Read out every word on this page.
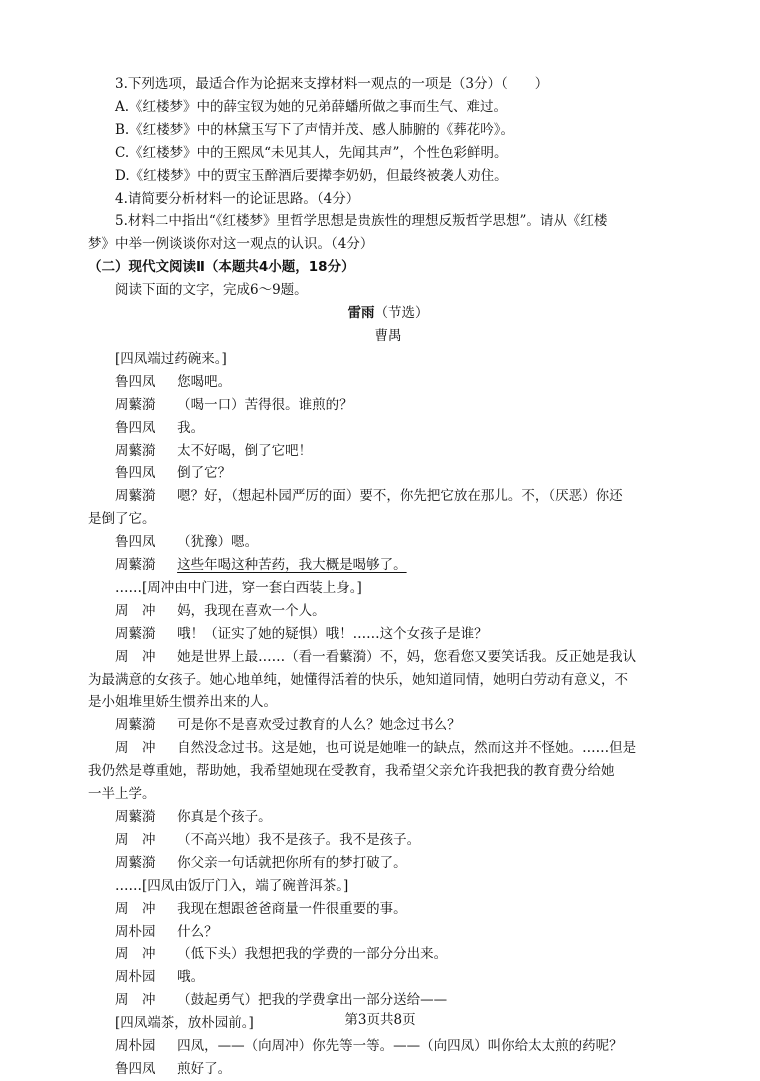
3.下列选项，最适合作为论据来支撑材料一观点的一项是（3分）（　　）
A.《红楼梦》中的薛宝钗为她的兄弟薛蟠所做之事而生气、难过。
B.《红楼梦》中的林黛玉写下了声情并茂、感人肺腑的《葬花吟》。
C.《红楼梦》中的王熙凤“未见其人，先闻其声”，个性色彩鲜明。
D.《红楼梦》中的贾宝玉醉酒后要撵李奶奶，但最终被袭人劝住。
4.请简要分析材料一的论证思路。（4分）
5.材料二中指出“《红楼梦》里哲学思想是贵族性的理想反叛哲学思想”。请从《红楼
梦》中举一例谈谈你对这一观点的认识。（4分）
（二）现代文阅读Ⅱ（本题共4小题，18分）
阅读下面的文字，完成6～9题。
雷雨（节选）
曹禺
[四凤端过药碗来。]
鲁四凤 您喝吧。
周蘩漪 （喝一口）苦得很。谁煎的？
鲁四凤 我。
周蘩漪 太不好喝，倒了它吧！
鲁四凤 倒了它？
周蘩漪 嗯？好，（想起朴园严厉的面）要不，你先把它放在那儿。不，（厌恶）你还
是倒了它。
鲁四凤 （犹豫）嗯。
周蘩漪 这些年喝这种苦药，我大概是喝够了。
……[周冲由中门进，穿一套白西装上身。]
周　冲 妈，我现在喜欢一个人。
周蘩漪 哦！（证实了她的疑惧）哦！……这个女孩子是谁？
周　冲 她是世界上最……（看一看蘩漪）不，妈，您看您又要笑话我。反正她是我认
为最满意的女孩子。她心地单纯，她懂得活着的快乐，她知道同情，她明白劳动有意义，不
是小姐堆里娇生惯养出来的人。
周蘩漪 可是你不是喜欢受过教育的人么？她念过书么？
周　冲 自然没念过书。这是她，也可说是她唯一的缺点，然而这并不怪她。……但是
我仍然是尊重她，帮助她，我希望她现在受教育，我希望父亲允许我把我的教育费分给她
一半上学。
周蘩漪 你真是个孩子。
周　冲 （不高兴地）我不是孩子。我不是孩子。
周蘩漪 你父亲一句话就把你所有的梦打破了。
……[四凤由饭厅门入，端了碗普洱茶。]
周　冲 我现在想跟爸爸商量一件很重要的事。
周朴园 什么？
周　冲 （低下头）我想把我的学费的一部分分出来。
周朴园 哦。
周　冲 （鼓起勇气）把我的学费拿出一部分送给——
[四凤端茶，放朴园前。]
周朴园 四凤，——（向周冲）你先等一等。——（向四凤）叫你给太太煎的药呢？
鲁四凤 煎好了。
第3页共8页
